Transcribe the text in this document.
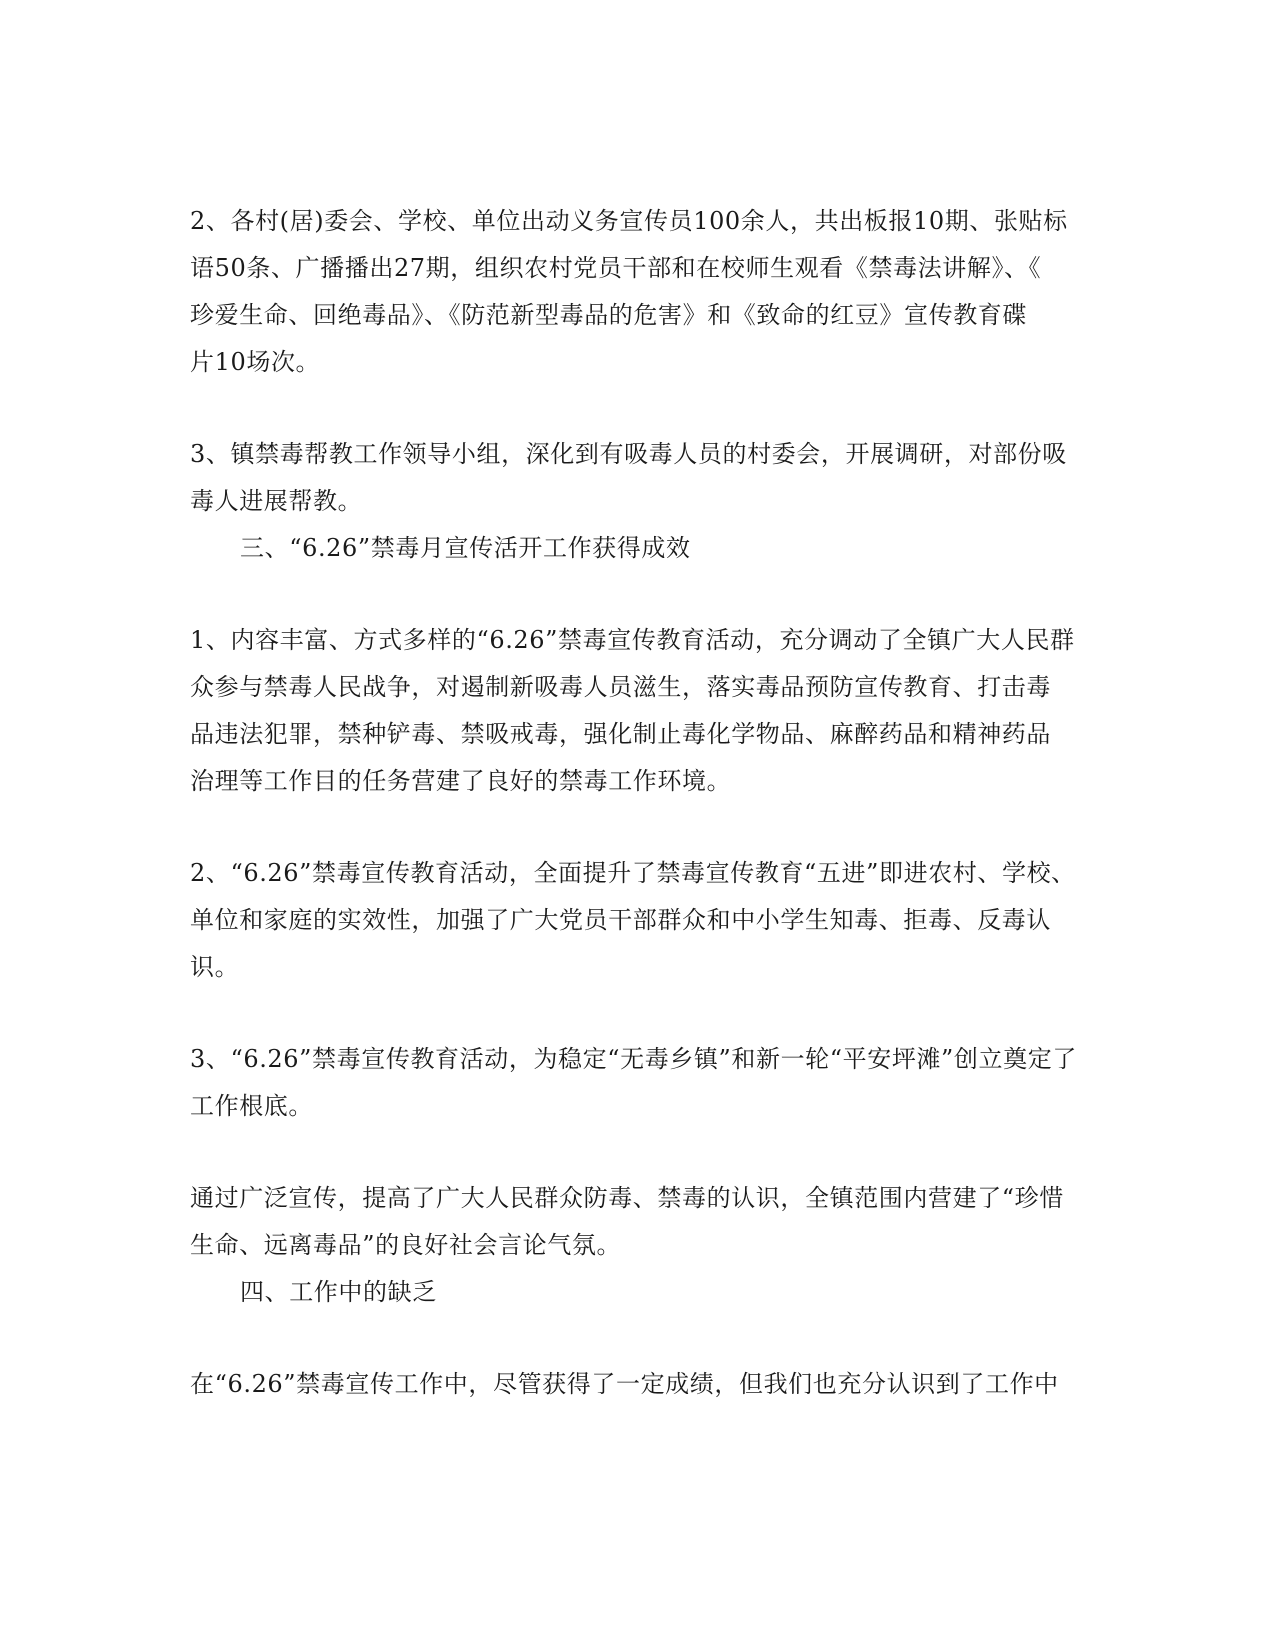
2、各村(居)委会、学校、单位出动义务宣传员100余人，共出板报10期、张贴标
语50条、广播播出27期，组织农村党员干部和在校师生观看《禁毒法讲解》、《
珍爱生命、回绝毒品》、《防范新型毒品的危害》和《致命的红豆》宣传教育碟
片10场次。
3、镇禁毒帮教工作领导小组，深化到有吸毒人员的村委会，开展调研，对部份吸
毒人进展帮教。
三、“6.26”禁毒月宣传活开工作获得成效
1、内容丰富、方式多样的“6.26”禁毒宣传教育活动，充分调动了全镇广大人民群
众参与禁毒人民战争，对遏制新吸毒人员滋生，落实毒品预防宣传教育、打击毒
品违法犯罪，禁种铲毒、禁吸戒毒，强化制止毒化学物品、麻醉药品和精神药品
治理等工作目的任务营建了良好的禁毒工作环境。
2、“6.26”禁毒宣传教育活动，全面提升了禁毒宣传教育“五进”即进农村、学校、
单位和家庭的实效性，加强了广大党员干部群众和中小学生知毒、拒毒、反毒认
识。
3、“6.26”禁毒宣传教育活动，为稳定“无毒乡镇”和新一轮“平安坪滩”创立奠定了
工作根底。
通过广泛宣传，提高了广大人民群众防毒、禁毒的认识，全镇范围内营建了“珍惜
生命、远离毒品”的良好社会言论气氛。
四、工作中的缺乏
在“6.26”禁毒宣传工作中，尽管获得了一定成绩，但我们也充分认识到了工作中
